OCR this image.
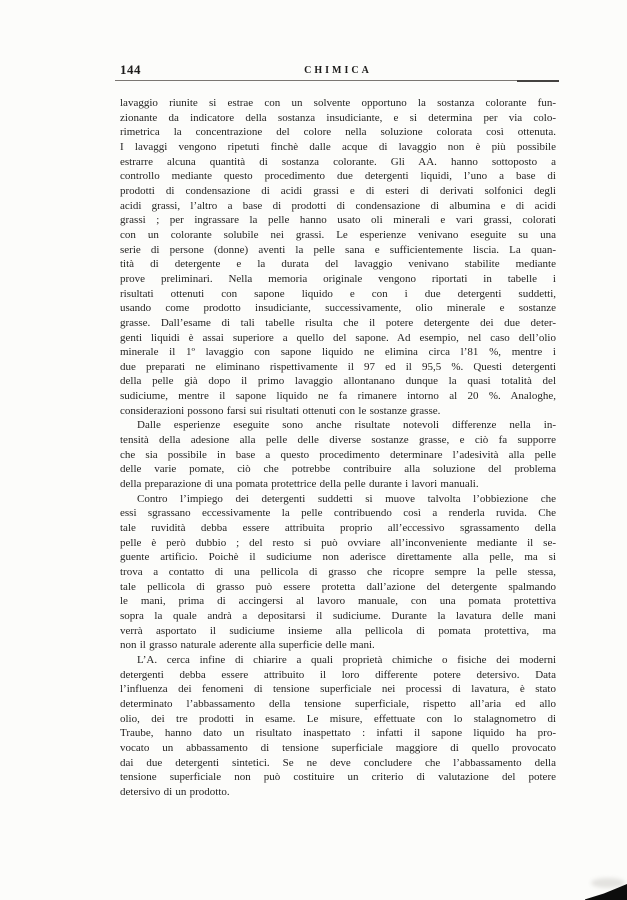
144	CHIMICA
lavaggio riunite si estrae con un solvente opportuno la sostanza colorante fun-
zionante da indicatore della sostanza insudiciante, e si determina per via colo-
rimetrica la concentrazione del colore nella soluzione colorata così ottenuta.
I lavaggi vengono ripetuti finchè dalle acque di lavaggio non è più possibile
estrarre alcuna quantità di sostanza colorante. Gli AA. hanno sottoposto a
controllo mediante questo procedimento due detergenti liquidi, l’uno a base di
prodotti di condensazione di acidi grassi e di esteri di derivati solfonici degli
acidi grassi, l’altro a base di prodotti di condensazione di albumina e di acidi
grassi ; per ingrassare la pelle hanno usato oli minerali e vari grassi, colorati
con un colorante solubile nei grassi. Le esperienze venivano eseguite su una
serie di persone (donne) aventi la pelle sana e sufficientemente liscia. La quan-
tità di detergente e la durata del lavaggio venivano stabilite mediante
prove preliminari. Nella memoria originale vengono riportati in tabelle i
risultati ottenuti con sapone liquido e con i due detergenti suddetti,
usando come prodotto insudiciante, successivamente, olio minerale e sostanze
grasse. Dall’esame di tali tabelle risulta che il potere detergente dei due deter-
genti liquidi è assai superiore a quello del sapone. Ad esempio, nel caso dell’olio
minerale il 1º lavaggio con sapone liquido ne elimina circa l’81 %, mentre i
due preparati ne eliminano rispettivamente il 97 ed il 95,5 %. Questi detergenti
della pelle già dopo il primo lavaggio allontanano dunque la quasi totalità del
sudiciume, mentre il sapone liquido ne fa rimanere intorno al 20 %. Analoghe,
considerazioni possono farsi sui risultati ottenuti con le sostanze grasse.
Dalle esperienze eseguite sono anche risultate notevoli differenze nella in-
tensità della adesione alla pelle delle diverse sostanze grasse, e ciò fa supporre
che sia possibile in base a questo procedimento determinare l’adesività alla pelle
delle varie pomate, ciò che potrebbe contribuire alla soluzione del problema
della preparazione di una pomata protettrice della pelle durante i lavori manuali.
Contro l’impiego dei detergenti suddetti si muove talvolta l’obbiezione che
essi sgrassano eccessivamente la pelle contribuendo così a renderla ruvida. Che
tale ruvidità debba essere attribuita proprio all’eccessivo sgrassamento della
pelle è però dubbio ; del resto si può ovviare all’inconveniente mediante il se-
guente artificio. Poichè il sudiciume non aderisce direttamente alla pelle, ma si
trova a contatto di una pellicola di grasso che ricopre sempre la pelle stessa,
tale pellicola di grasso può essere protetta dall’azione del detergente spalmando
le mani, prima di accingersi al lavoro manuale, con una pomata protettiva
sopra la quale andrà a depositarsi il sudiciume. Durante la lavatura delle mani
verrà asportato il sudiciume insieme alla pellicola di pomata protettiva, ma
non il grasso naturale aderente alla superficie delle mani.
L’A. cerca infine di chiarire a quali proprietà chimiche o fisiche dei moderni
detergenti debba essere attribuito il loro differente potere detersivo. Data
l’influenza dei fenomeni di tensione superficiale nei processi di lavatura, è stato
determinato l’abbassamento della tensione superficiale, rispetto all’aria ed allo
olio, dei tre prodotti in esame. Le misure, effettuate con lo stalagnometro di
Traube, hanno dato un risultato inaspettato : infatti il sapone liquido ha pro-
vocato un abbassamento di tensione superficiale maggiore di quello provocato
dai due detergenti sintetici. Se ne deve concludere che l’abbassamento della
tensione superficiale non può costituire un criterio di valutazione del potere
detersivo di un prodotto.
